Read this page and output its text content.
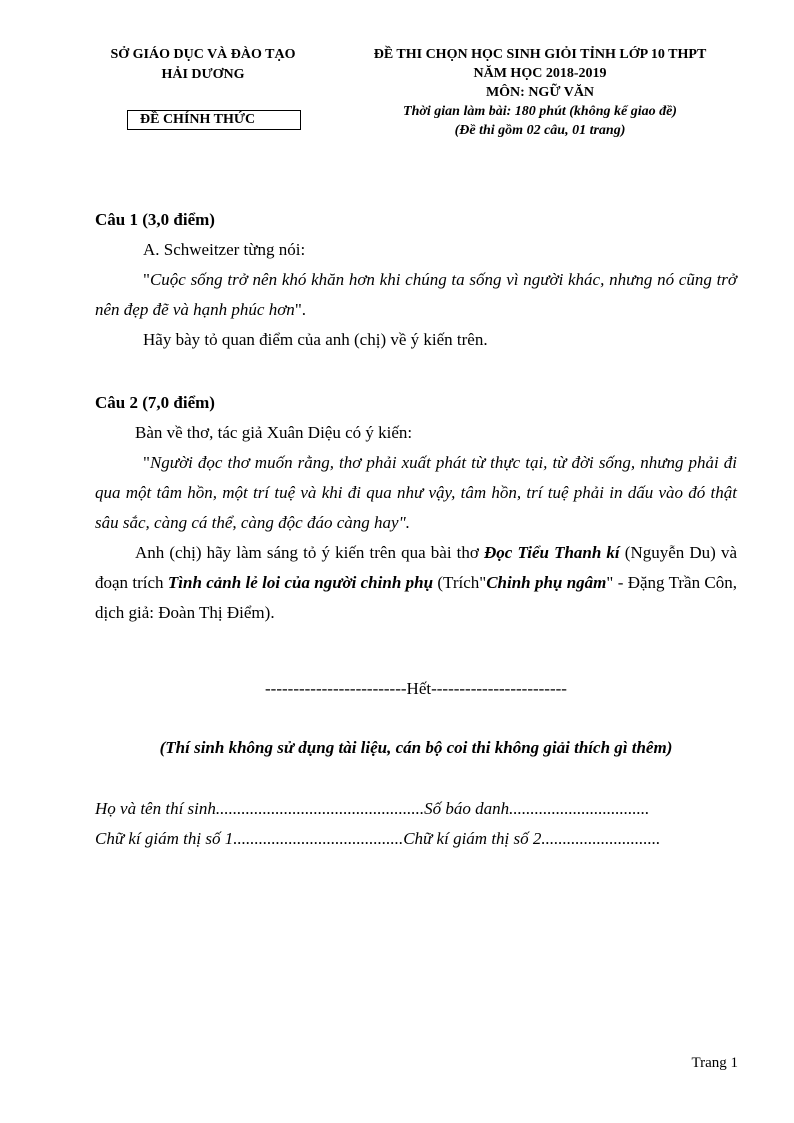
SỞ GIÁO DỤC VÀ ĐÀO TẠO
HẢI DƯƠNG
ĐỀ CHÍNH THỨC
ĐỀ THI CHỌN HỌC SINH GIỎI TỈNH LỚP 10 THPT
NĂM HỌC 2018-2019
MÔN: NGỮ VĂN
Thời gian làm bài: 180 phút (không kể giao đề)
(Đề thi gồm 02 câu, 01 trang)

Câu 1 (3,0 điểm)

A. Schweitzer từng nói:

"Cuộc sống trở nên khó khăn hơn khi chúng ta sống vì người khác, nhưng nó cũng trở nên đẹp đẽ và hạnh phúc hơn".

Hãy bày tỏ quan điểm của anh (chị) về ý kiến trên.

Câu 2 (7,0 điểm)

Bàn về thơ, tác giả Xuân Diệu có ý kiến:

"Người đọc thơ muốn rằng, thơ phải xuất phát từ thực tại, từ đời sống, nhưng phải đi qua một tâm hồn, một trí tuệ và khi đi qua như vậy, tâm hồn, trí tuệ phải in dấu vào đó thật sâu sắc, càng cá thể, càng độc đáo càng hay".

Anh (chị) hãy làm sáng tỏ ý kiến trên qua bài thơ Đọc Tiểu Thanh kí (Nguyễn Du) và đoạn trích Tình cảnh lẻ loi của người chinh phụ (Trích"Chinh phụ ngâm" - Đặng Trần Côn, dịch giả: Đoàn Thị Điểm).

-------------------------Hết------------------------

(Thí sinh không sử dụng tài liệu, cán bộ coi thi không giải thích gì thêm)

Họ và tên thí sinh.................................................Số báo danh.................................

Chữ kí giám thị số 1........................................Chữ kí giám thị số 2............................

Trang 1
